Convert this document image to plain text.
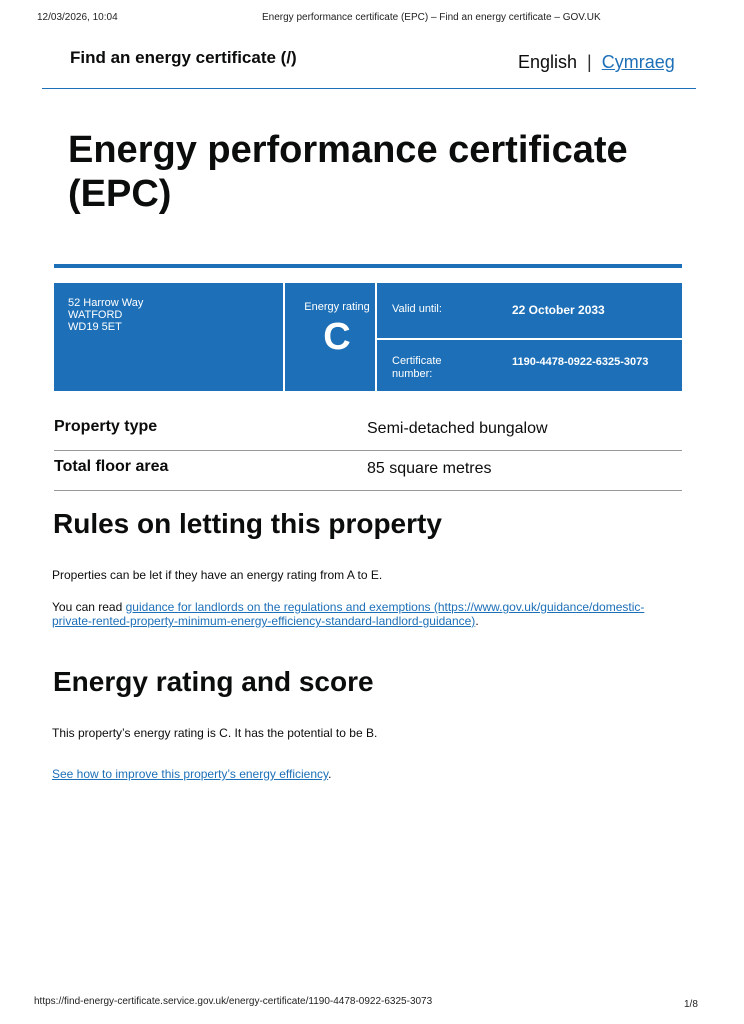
12/03/2026, 10:04	Energy performance certificate (EPC) – Find an energy certificate – GOV.UK
Find an energy certificate (/)	English | Cymraeg
Energy performance certificate (EPC)
52 Harrow Way
WATFORD
WD19 5ET
Energy rating
C
Valid until:	22 October 2033
Certificate number:
1190-4478-0922-6325-3073
Property type	Semi-detached bungalow
Total floor area	85 square metres
Rules on letting this property
Properties can be let if they have an energy rating from A to E.
You can read guidance for landlords on the regulations and exemptions (https://www.gov.uk/guidance/domestic-private-rented-property-minimum-energy-efficiency-standard-landlord-guidance).
Energy rating and score
This property’s energy rating is C. It has the potential to be B.
See how to improve this property’s energy efficiency.
https://find-energy-certificate.service.gov.uk/energy-certificate/1190-4478-0922-6325-3073	1/8
